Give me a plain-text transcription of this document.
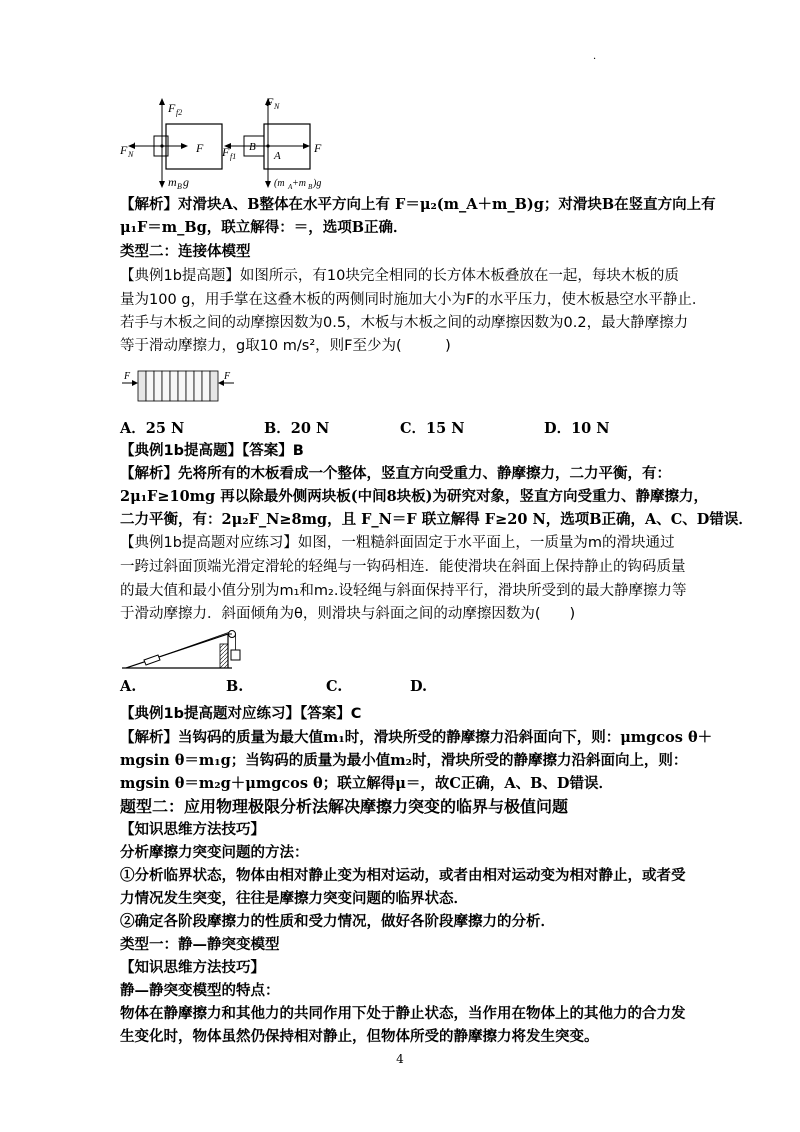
·
F f2
F N
′	F
m B g
F N
F f1
B
A
F
(m A +m B )g
【解析】对滑块A、B整体在水平方向上有 F＝μ₂(m_A＋m_B)g；对滑块B在竖直方向上有
μ₁F＝m_Bg，联立解得：＝，选项B正确．
类型二：连接体模型
【典例1b提高题】如图所示，有10块完全相同的长方体木板叠放在一起，每块木板的质
量为100 g，用手掌在这叠木板的两侧同时施加大小为F的水平压力，使木板悬空水平静止．
若手与木板之间的动摩擦因数为0.5，木板与木板之间的动摩擦因数为0.2，最大静摩擦力
等于滑动摩擦力，g取10 m/s²，则F至少为(　　　)
F	F
A．25 N	B．20 N	C．15 N	D．10 N
【典例1b提高题】【答案】B
【解析】先将所有的木板看成一个整体，竖直方向受重力、静摩擦力，二力平衡，有：
2μ₁F≥10mg 再以除最外侧两块板(中间8块板)为研究对象，竖直方向受重力、静摩擦力，
二力平衡，有：2μ₂F_N≥8mg，且 F_N＝F 联立解得 F≥20 N，选项B正确，A、C、D错误．
【典例1b提高题对应练习】如图，一粗糙斜面固定于水平面上，一质量为m的滑块通过
一跨过斜面顶端光滑定滑轮的轻绳与一钩码相连．能使滑块在斜面上保持静止的钩码质量
的最大值和最小值分别为m₁和m₂.设轻绳与斜面保持平行，滑块所受到的最大静摩擦力等
于滑动摩擦力．斜面倾角为θ，则滑块与斜面之间的动摩擦因数为(　　)
A.	B.	C.	D.
【典例1b提高题对应练习】【答案】C
【解析】当钩码的质量为最大值m₁时，滑块所受的静摩擦力沿斜面向下，则：μmgcos θ＋
mgsin θ＝m₁g；当钩码的质量为最小值m₂时，滑块所受的静摩擦力沿斜面向上，则：
mgsin θ＝m₂g＋μmgcos θ；联立解得μ＝，故C正确，A、B、D错误．
题型二：应用物理极限分析法解决摩擦力突变的临界与极值问题
【知识思维方法技巧】
分析摩擦力突变问题的方法：
①分析临界状态，物体由相对静止变为相对运动，或者由相对运动变为相对静止，或者受
力情况发生突变，往往是摩擦力突变问题的临界状态．
②确定各阶段摩擦力的性质和受力情况，做好各阶段摩擦力的分析．
类型一：静—静突变模型
【知识思维方法技巧】
静—静突变模型的特点：
物体在静摩擦力和其他力的共同作用下处于静止状态，当作用在物体上的其他力的合力发
生变化时，物体虽然仍保持相对静止，但物体所受的静摩擦力将发生突变。
4
